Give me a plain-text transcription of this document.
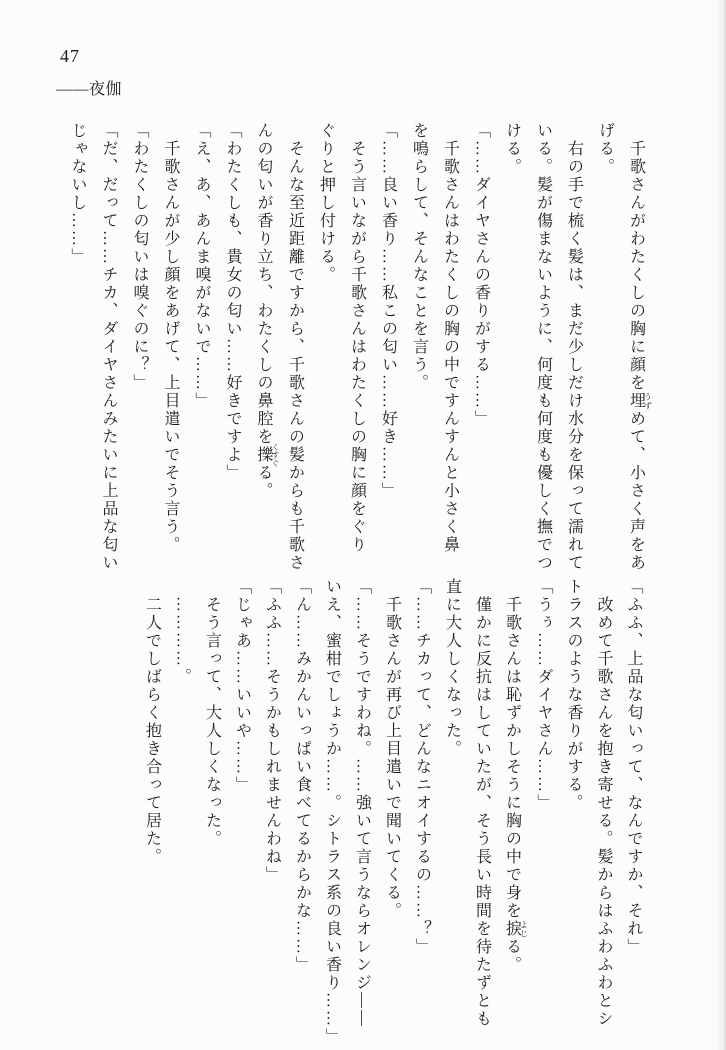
47
――夜伽
　千歌さんがわたくしの胸に顔を埋 うずめて、小さく声をあ
げる。
　右の手で梳く髪は、まだ少しだけ水分を保って濡れて
いる。髪が傷まないように、何度も何度も優しく撫でつ
ける。
「……ダイヤさんの香りがする……」
　千歌さんはわたくしの胸の中ですんすんと小さく鼻
を鳴らして、そんなことを言う。
「……良い香り……私この匂い……好き……」
　そう言いながら千歌さんはわたくしの胸に顔をぐり
ぐりと押し付ける。
　そんな至近距離ですから、千歌さんの髪からも千歌さ
んの匂いが香り立ち、わたくしの鼻腔を擽 くすぐる。
「わたくしも、貴女の匂い……好きですよ」
「え、あ、あんま嗅がないで……」
　千歌さんが少し顔をあげて、上目遣いでそう言う。
「わたくしの匂いは嗅ぐのに？」
「だ、だって……チカ、ダイヤさんみたいに上品な匂い
じゃないし……」
「ふふ、上品な匂いって、なんですか、それ」
　改めて千歌さんを抱き寄せる。髪からはふわふわとシ
トラスのような香りがする。
「うぅ……ダイヤさん……」
　千歌さんは恥ずかしそうに胸の中で身を捩 よじる。
　僅かに反抗はしていたが、そう長い時間を待たずとも
直に大人しくなった。
「……チカって、どんなニオイするの……？」
　千歌さんが再び上目遣いで聞いてくる。
「……そうですわね。……強いて言うならオレンジ――
いえ、蜜柑でしょうか……。シトラス系の良い香り……」
「ん……みかんいっぱい食べてるからかな……」
「ふふ……そうかもしれませんわね」
「じゃあ……いいや……」
　そう言って、大人しくなった。
　…………。
　二人でしばらく抱き合って居た。
